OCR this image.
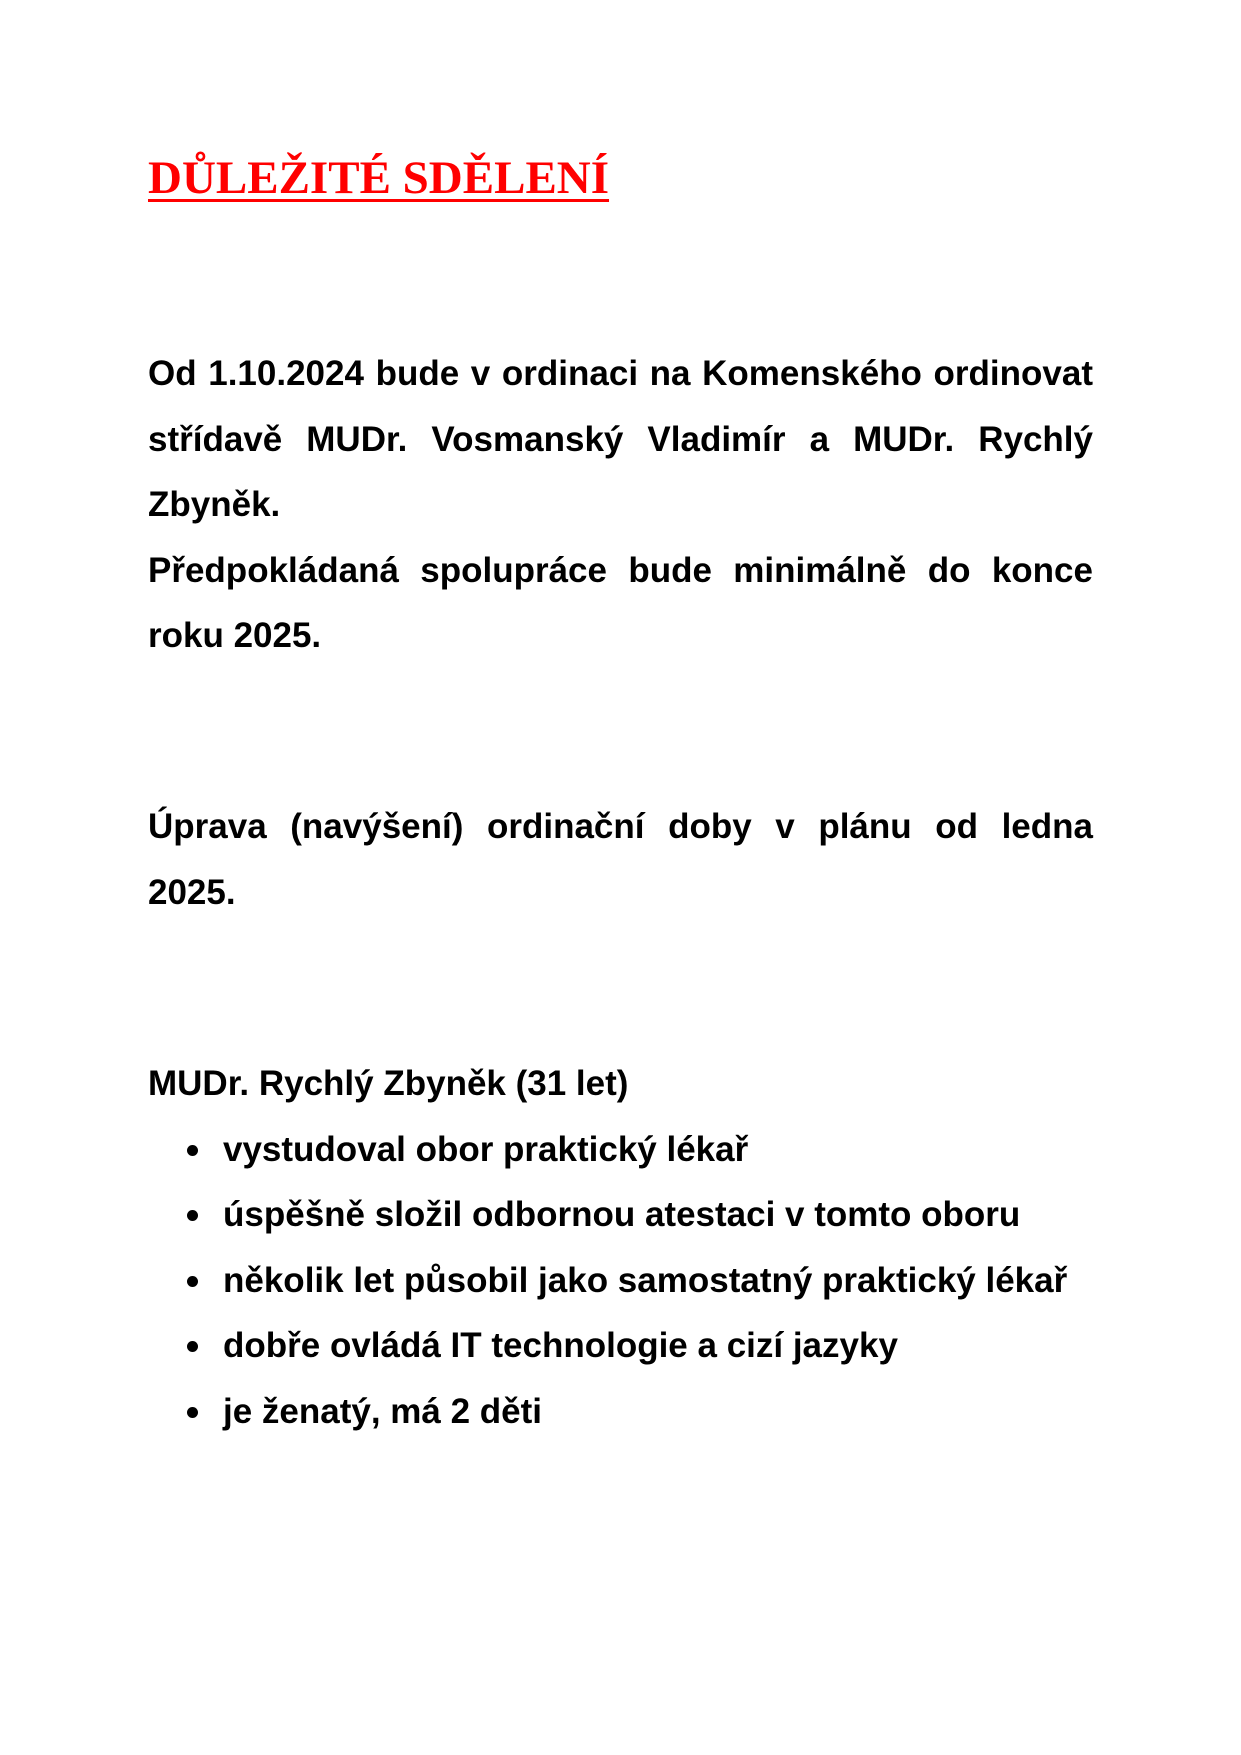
DŮLEŽITÉ SDĚLENÍ

Od 1.10.2024 bude v ordinaci na Komenského ordinovat střídavě MUDr. Vosmanský Vladimír a MUDr. Rychlý Zbyněk.

Předpokládaná spolupráce bude minimálně do konce roku 2025.

Úprava (navýšení) ordinační doby v plánu od ledna 2025.

MUDr. Rychlý Zbyněk (31 let)

vystudoval obor praktický lékař
úspěšně složil odbornou atestaci v tomto oboru
několik let působil jako samostatný praktický lékař
dobře ovládá IT technologie a cizí jazyky
je ženatý, má 2 děti
